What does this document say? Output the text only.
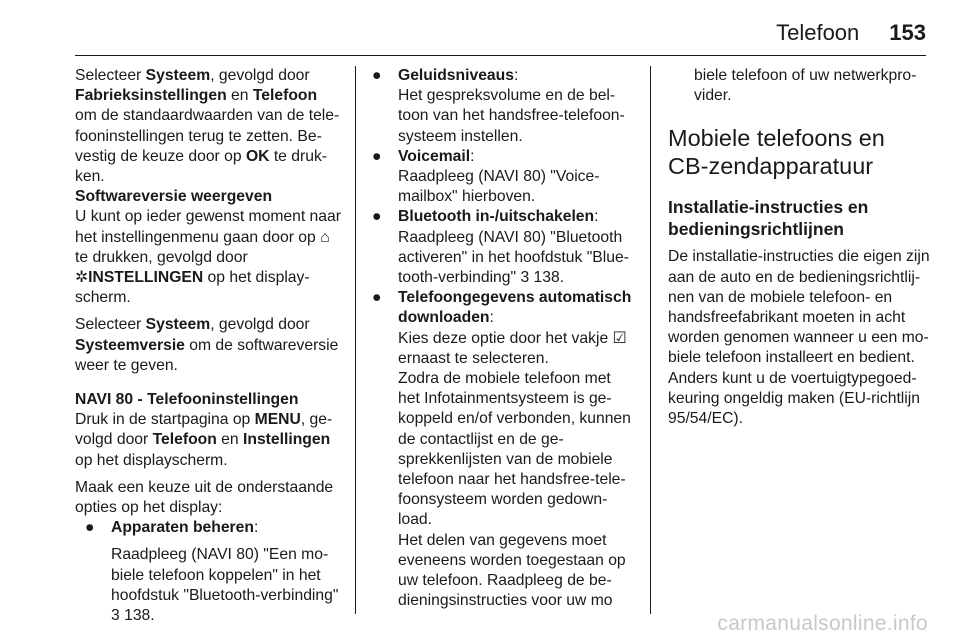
Telefoon 153

Selecteer Systeem, gevolgd door Fabrieksinstellingen en Telefoon om de standaardwaarden van de telefooninstellingen terug te zetten. Bevestig de keuze door op OK te drukken.

Softwareversie weergeven

U kunt op ieder gewenst moment naar het instellingenmenu gaan door op ⌂ te drukken, gevolgd door
✲INSTELLINGEN op het displayscherm.

Selecteer Systeem, gevolgd door Systeemversie om de softwareversie weer te geven.

NAVI 80 - Telefooninstellingen

Druk in de startpagina op MENU, gevolgd door Telefoon en Instellingen op het displayscherm.

Maak een keuze uit de onderstaande opties op het display:

●	Apparaten beheren:

Raadpleeg (NAVI 80) "Een mobiele telefoon koppelen" in het hoofdstuk "Bluetooth-verbinding"
3 138.

●	Geluidsniveaus:

Het gespreksvolume en de beltoon van het handsfree-telefoonsysteem instellen.

●	Voicemail:

Raadpleeg (NAVI 80) "Voicemailbox" hierboven.

●	Bluetooth in-/uitschakelen:

Raadpleeg (NAVI 80) "Bluetooth activeren" in het hoofdstuk "Bluetooth-verbinding" 3 138.

●	Telefoongegevens automatisch downloaden:

Kies deze optie door het vakje ☑ ernaast te selecteren.

Zodra de mobiele telefoon met het Infotainmentsysteem is gekoppeld en/of verbonden, kunnen de contactlijst en de gesprekkenlijsten van de mobiele telefoon naar het handsfree-telefoonsysteem worden gedownload.

Het delen van gegevens moet eveneens worden toegestaan op uw telefoon. Raadpleeg de bedieningsinstructies voor uw mo

biele telefoon of uw netwerkprovider.

Mobiele telefoons en CB-zendapparatuur
Installatie-instructies en bedieningsrichtlijnen

De installatie-instructies die eigen zijn aan de auto en de bedieningsrichtlijnen van de mobiele telefoon- en handsfreefabrikant moeten in acht worden genomen wanneer u een mobiele telefoon installeert en bedient. Anders kunt u de voertuigtypegoedkeuring ongeldig maken (EU-richtlijn 95/54/EC).

carmanualsonline.info
